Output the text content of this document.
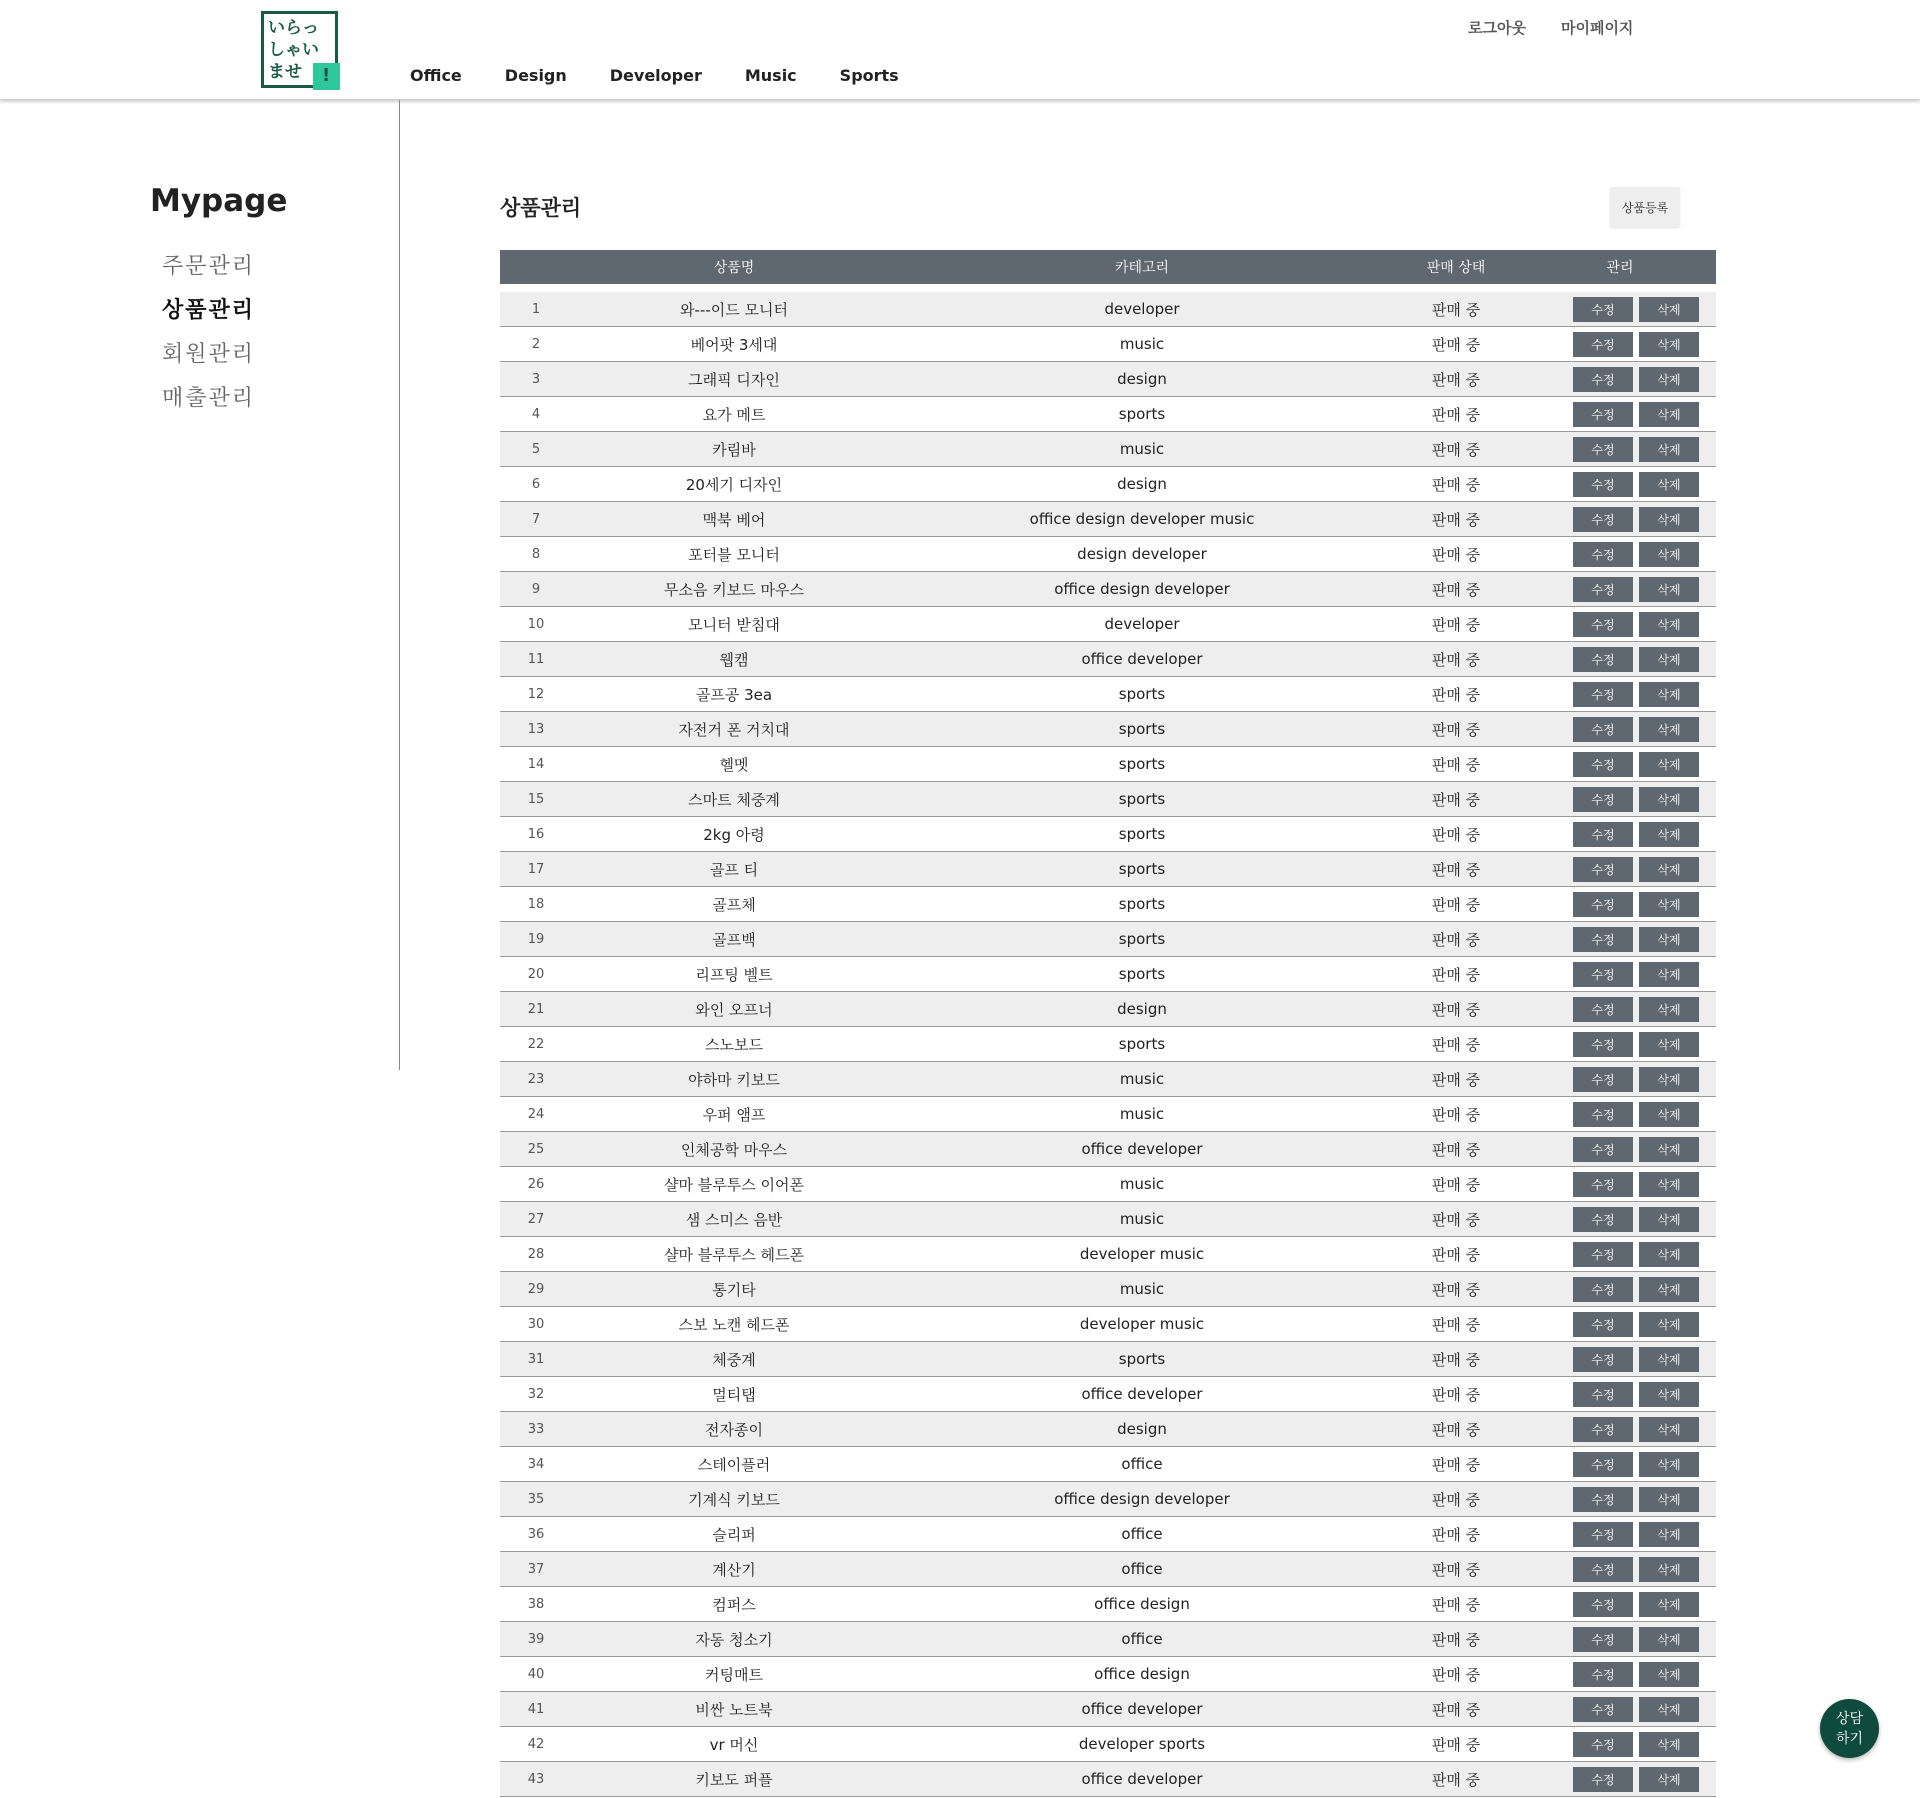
いらっ
しゃい
ませ !	Office	Design	Developer	Music	Sports
로그아웃 마이페이지
Mypage
주문관리
상품관리
회원관리
매출관리
상품관리	상품등록
상품명	카테고리	판매 상태	관리
1	와---이드 모니터	developer	판매 중	수정	삭제
2	베어팟 3세대	music	판매 중	수정	삭제
3	그래픽 디자인	design	판매 중	수정	삭제
4	요가 메트	sports	판매 중	수정	삭제
5	카림바	music	판매 중	수정	삭제
6	20세기 디자인	design	판매 중	수정	삭제
7	맥북 베어	office design developer music	판매 중	수정	삭제
8	포터블 모니터	design developer	판매 중	수정	삭제
9	무소음 키보드 마우스	office design developer	판매 중	수정	삭제
10	모니터 받침대	developer	판매 중	수정	삭제
11	웹캠	office developer	판매 중	수정	삭제
12	골프공 3ea	sports	판매 중	수정	삭제
13	자전거 폰 거치대	sports	판매 중	수정	삭제
14	헬멧	sports	판매 중	수정	삭제
15	스마트 체중계	sports	판매 중	수정	삭제
16	2kg 아령	sports	판매 중	수정	삭제
17	골프 티	sports	판매 중	수정	삭제
18	골프체	sports	판매 중	수정	삭제
19	골프백	sports	판매 중	수정	삭제
20	리프팅 벨트	sports	판매 중	수정	삭제
21	와인 오프너	design	판매 중	수정	삭제
22	스노보드	sports	판매 중	수정	삭제
23	야하마 키보드	music	판매 중	수정	삭제
24	우퍼 앰프	music	판매 중	수정	삭제
25	인체공학 마우스	office developer	판매 중	수정	삭제
26	샬마 블루투스 이어폰	music	판매 중	수정	삭제
27	샘 스미스 음반	music	판매 중	수정	삭제
28	샬마 블루투스 헤드폰	developer music	판매 중	수정	삭제
29	통기타	music	판매 중	수정	삭제
30	스보 노캔 헤드폰	developer music	판매 중	수정	삭제
31	체중계	sports	판매 중	수정	삭제
32	멀티탭	office developer	판매 중	수정	삭제
33	전자종이	design	판매 중	수정	삭제
34	스테이플러	office	판매 중	수정	삭제
35	기계식 키보드	office design developer	판매 중	수정	삭제
36	슬리퍼	office	판매 중	수정	삭제
37	계산기	office	판매 중	수정	삭제
38	컴퍼스	office design	판매 중	수정	삭제
39	자동 청소기	office	판매 중	수정	삭제
40	커팅매트	office design	판매 중	수정	삭제
41	비싼 노트북	office developer	판매 중	수정	삭제
42	vr 머신	developer sports	판매 중	수정	삭제
43	키보도 퍼플	office developer	판매 중	수정	삭제
상담
하기
